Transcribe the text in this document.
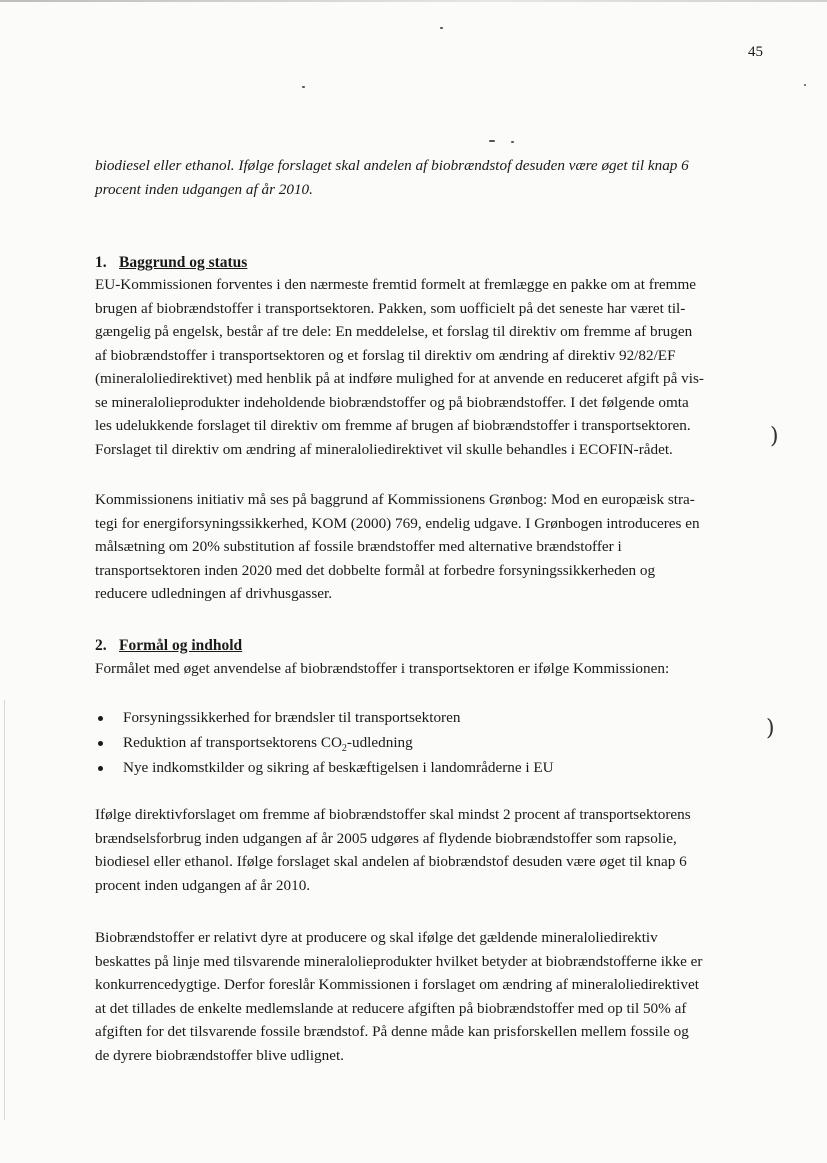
45
biodiesel eller ethanol. Ifølge forslaget skal andelen af biobrændstof desuden være øget til knap 6
procent inden udgangen af år 2010.
1. Baggrund og status
EU-Kommissionen forventes i den nærmeste fremtid formelt at fremlægge en pakke om at fremme
brugen af biobrændstoffer i transportsektoren. Pakken, som uofficielt på det seneste har været til-
gængelig på engelsk, består af tre dele: En meddelelse, et forslag til direktiv om fremme af brugen
af biobrændstoffer i transportsektoren og et forslag til direktiv om ændring af direktiv 92/82/EF
(mineraloliedirektivet) med henblik på at indføre mulighed for at anvende en reduceret afgift på vis-
se mineralolieprodukter indeholdende biobrændstoffer og på biobrændstoffer. I det følgende omta
les udelukkende forslaget til direktiv om fremme af brugen af biobrændstoffer i transportsektoren.
Forslaget til direktiv om ændring af mineraloliedirektivet vil skulle behandles i ECOFIN-rådet.	)
Kommissionens initiativ må ses på baggrund af Kommissionens Grønbog: Mod en europæisk stra-
tegi for energiforsyningssikkerhed, KOM (2000) 769, endelig udgave. I Grønbogen introduceres en
målsætning om 20% substitution af fossile brændstoffer med alternative brændstoffer i
transportsektoren inden 2020 med det dobbelte formål at forbedre forsyningssikkerheden og
reducere udledningen af drivhusgasser.
2. Formål og indhold
Formålet med øget anvendelse af biobrændstoffer i transportsektoren er ifølge Kommissionen:
Forsyningssikkerhed for brændsler til transportsektoren
Reduktion af transportsektorens $CO_2$-udledning
Nye indkomstkilder og sikring af beskæftigelsen i landområderne i EU
)
Ifølge direktivforslaget om fremme af biobrændstoffer skal mindst 2 procent af transportsektorens
brændselsforbrug inden udgangen af år 2005 udgøres af flydende biobrændstoffer som rapsolie,
biodiesel eller ethanol. Ifølge forslaget skal andelen af biobrændstof desuden være øget til knap 6
procent inden udgangen af år 2010.
Biobrændstoffer er relativt dyre at producere og skal ifølge det gældende mineraloliedirektiv
beskattes på linje med tilsvarende mineralolieprodukter hvilket betyder at biobrændstofferne ikke er
konkurrencedygtige. Derfor foreslår Kommissionen i forslaget om ændring af mineraloliedirektivet
at det tillades de enkelte medlemslande at reducere afgiften på biobrændstoffer med op til 50% af
afgiften for det tilsvarende fossile brændstof. På denne måde kan prisforskellen mellem fossile og
de dyrere biobrændstoffer blive udlignet.
